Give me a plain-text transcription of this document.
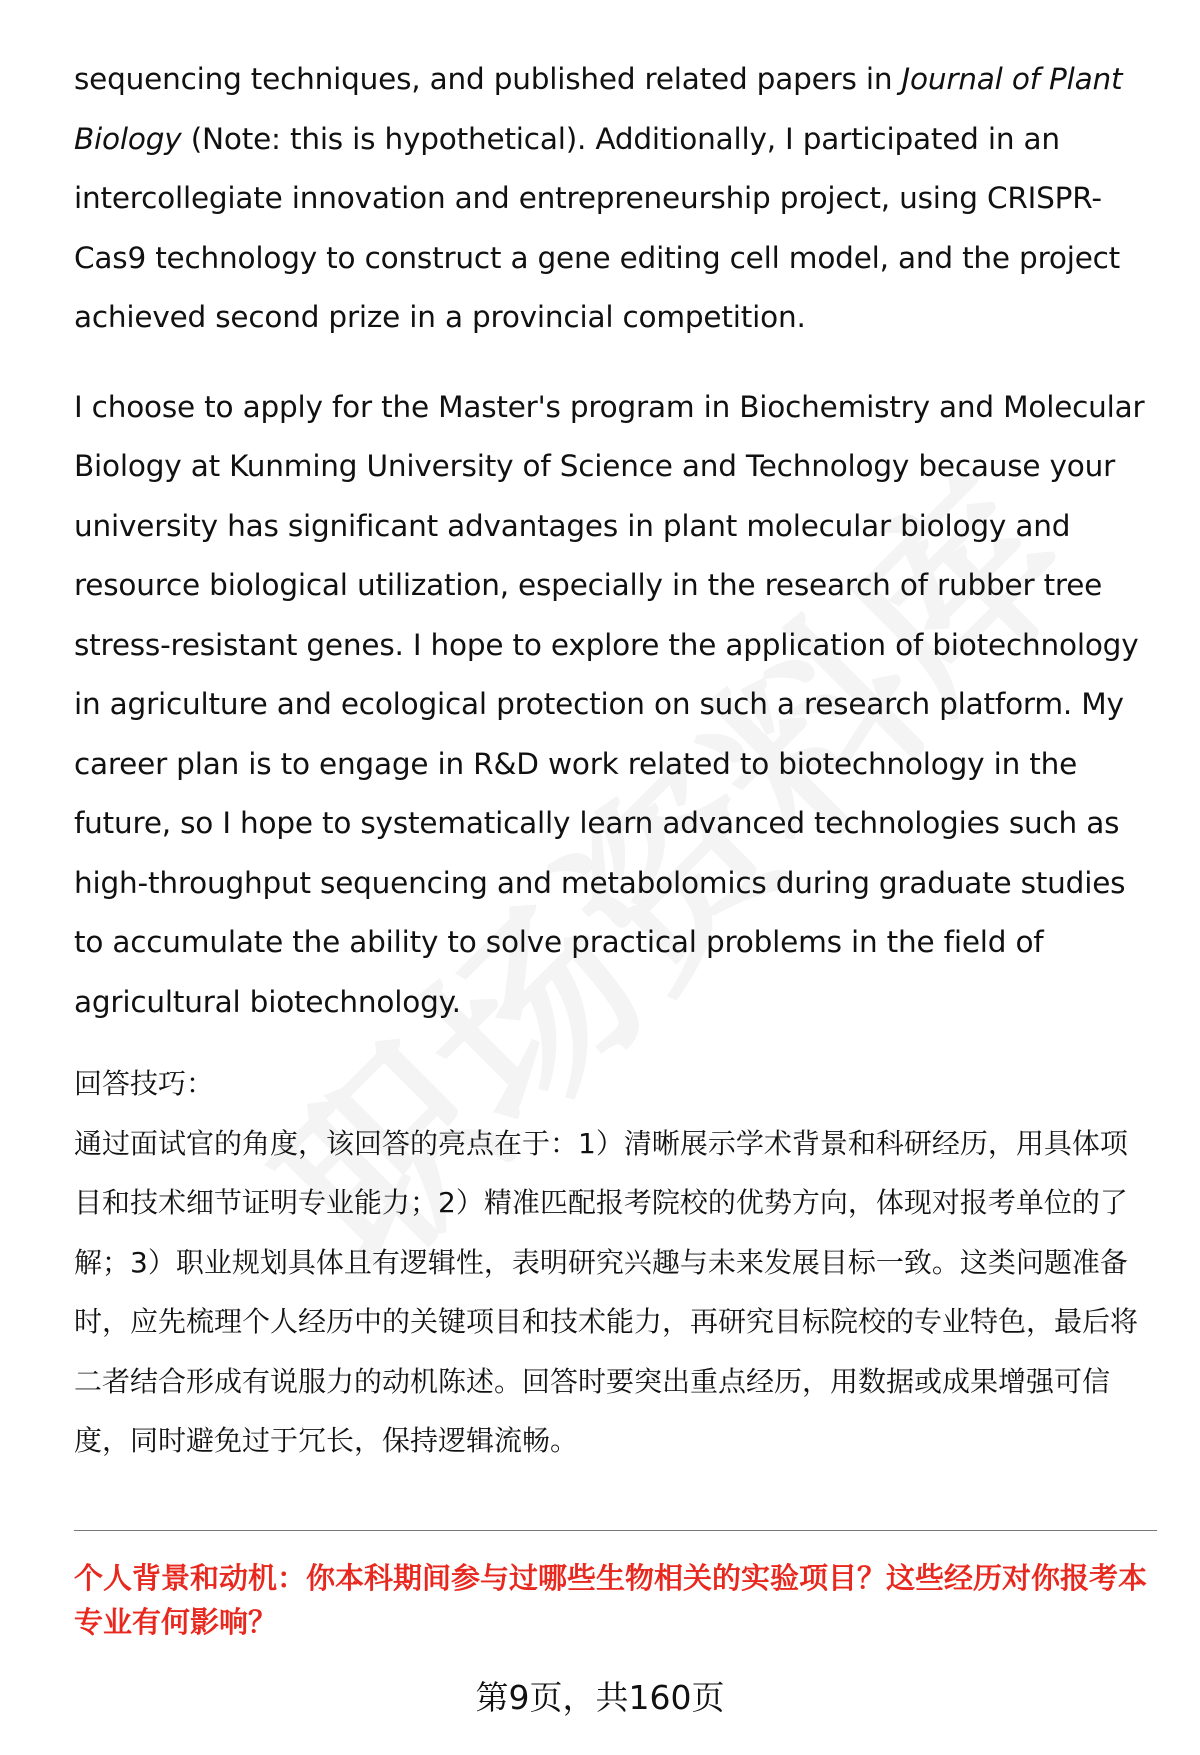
sequencing techniques, and published related papers in Journal of Plant Biology (Note: this is hypothetical). Additionally, I participated in an intercollegiate innovation and entrepreneurship project, using CRISPR-Cas9 technology to construct a gene editing cell model, and the project achieved second prize in a provincial competition.

I choose to apply for the Master's program in Biochemistry and Molecular Biology at Kunming University of Science and Technology because your university has significant advantages in plant molecular biology and resource biological utilization, especially in the research of rubber tree stress-resistant genes. I hope to explore the application of biotechnology in agriculture and ecological protection on such a research platform. My career plan is to engage in R&D work related to biotechnology in the future, so I hope to systematically learn advanced technologies such as high-throughput sequencing and metabolomics during graduate studies to accumulate the ability to solve practical problems in the field of agricultural biotechnology.

回答技巧：

通过面试官的角度，该回答的亮点在于：1）清晰展示学术背景和科研经历，用具体项目和技术细节证明专业能力；2）精准匹配报考院校的优势方向，体现对报考单位的了解；3）职业规划具体且有逻辑性，表明研究兴趣与未来发展目标一致。这类问题准备时，应先梳理个人经历中的关键项目和技术能力，再研究目标院校的专业特色，最后将二者结合形成有说服力的动机陈述。回答时要突出重点经历，用数据或成果增强可信度，同时避免过于冗长，保持逻辑流畅。

个人背景和动机：你本科期间参与过哪些生物相关的实验项目？这些经历对你报考本专业有何影响？

第9页，共160页
